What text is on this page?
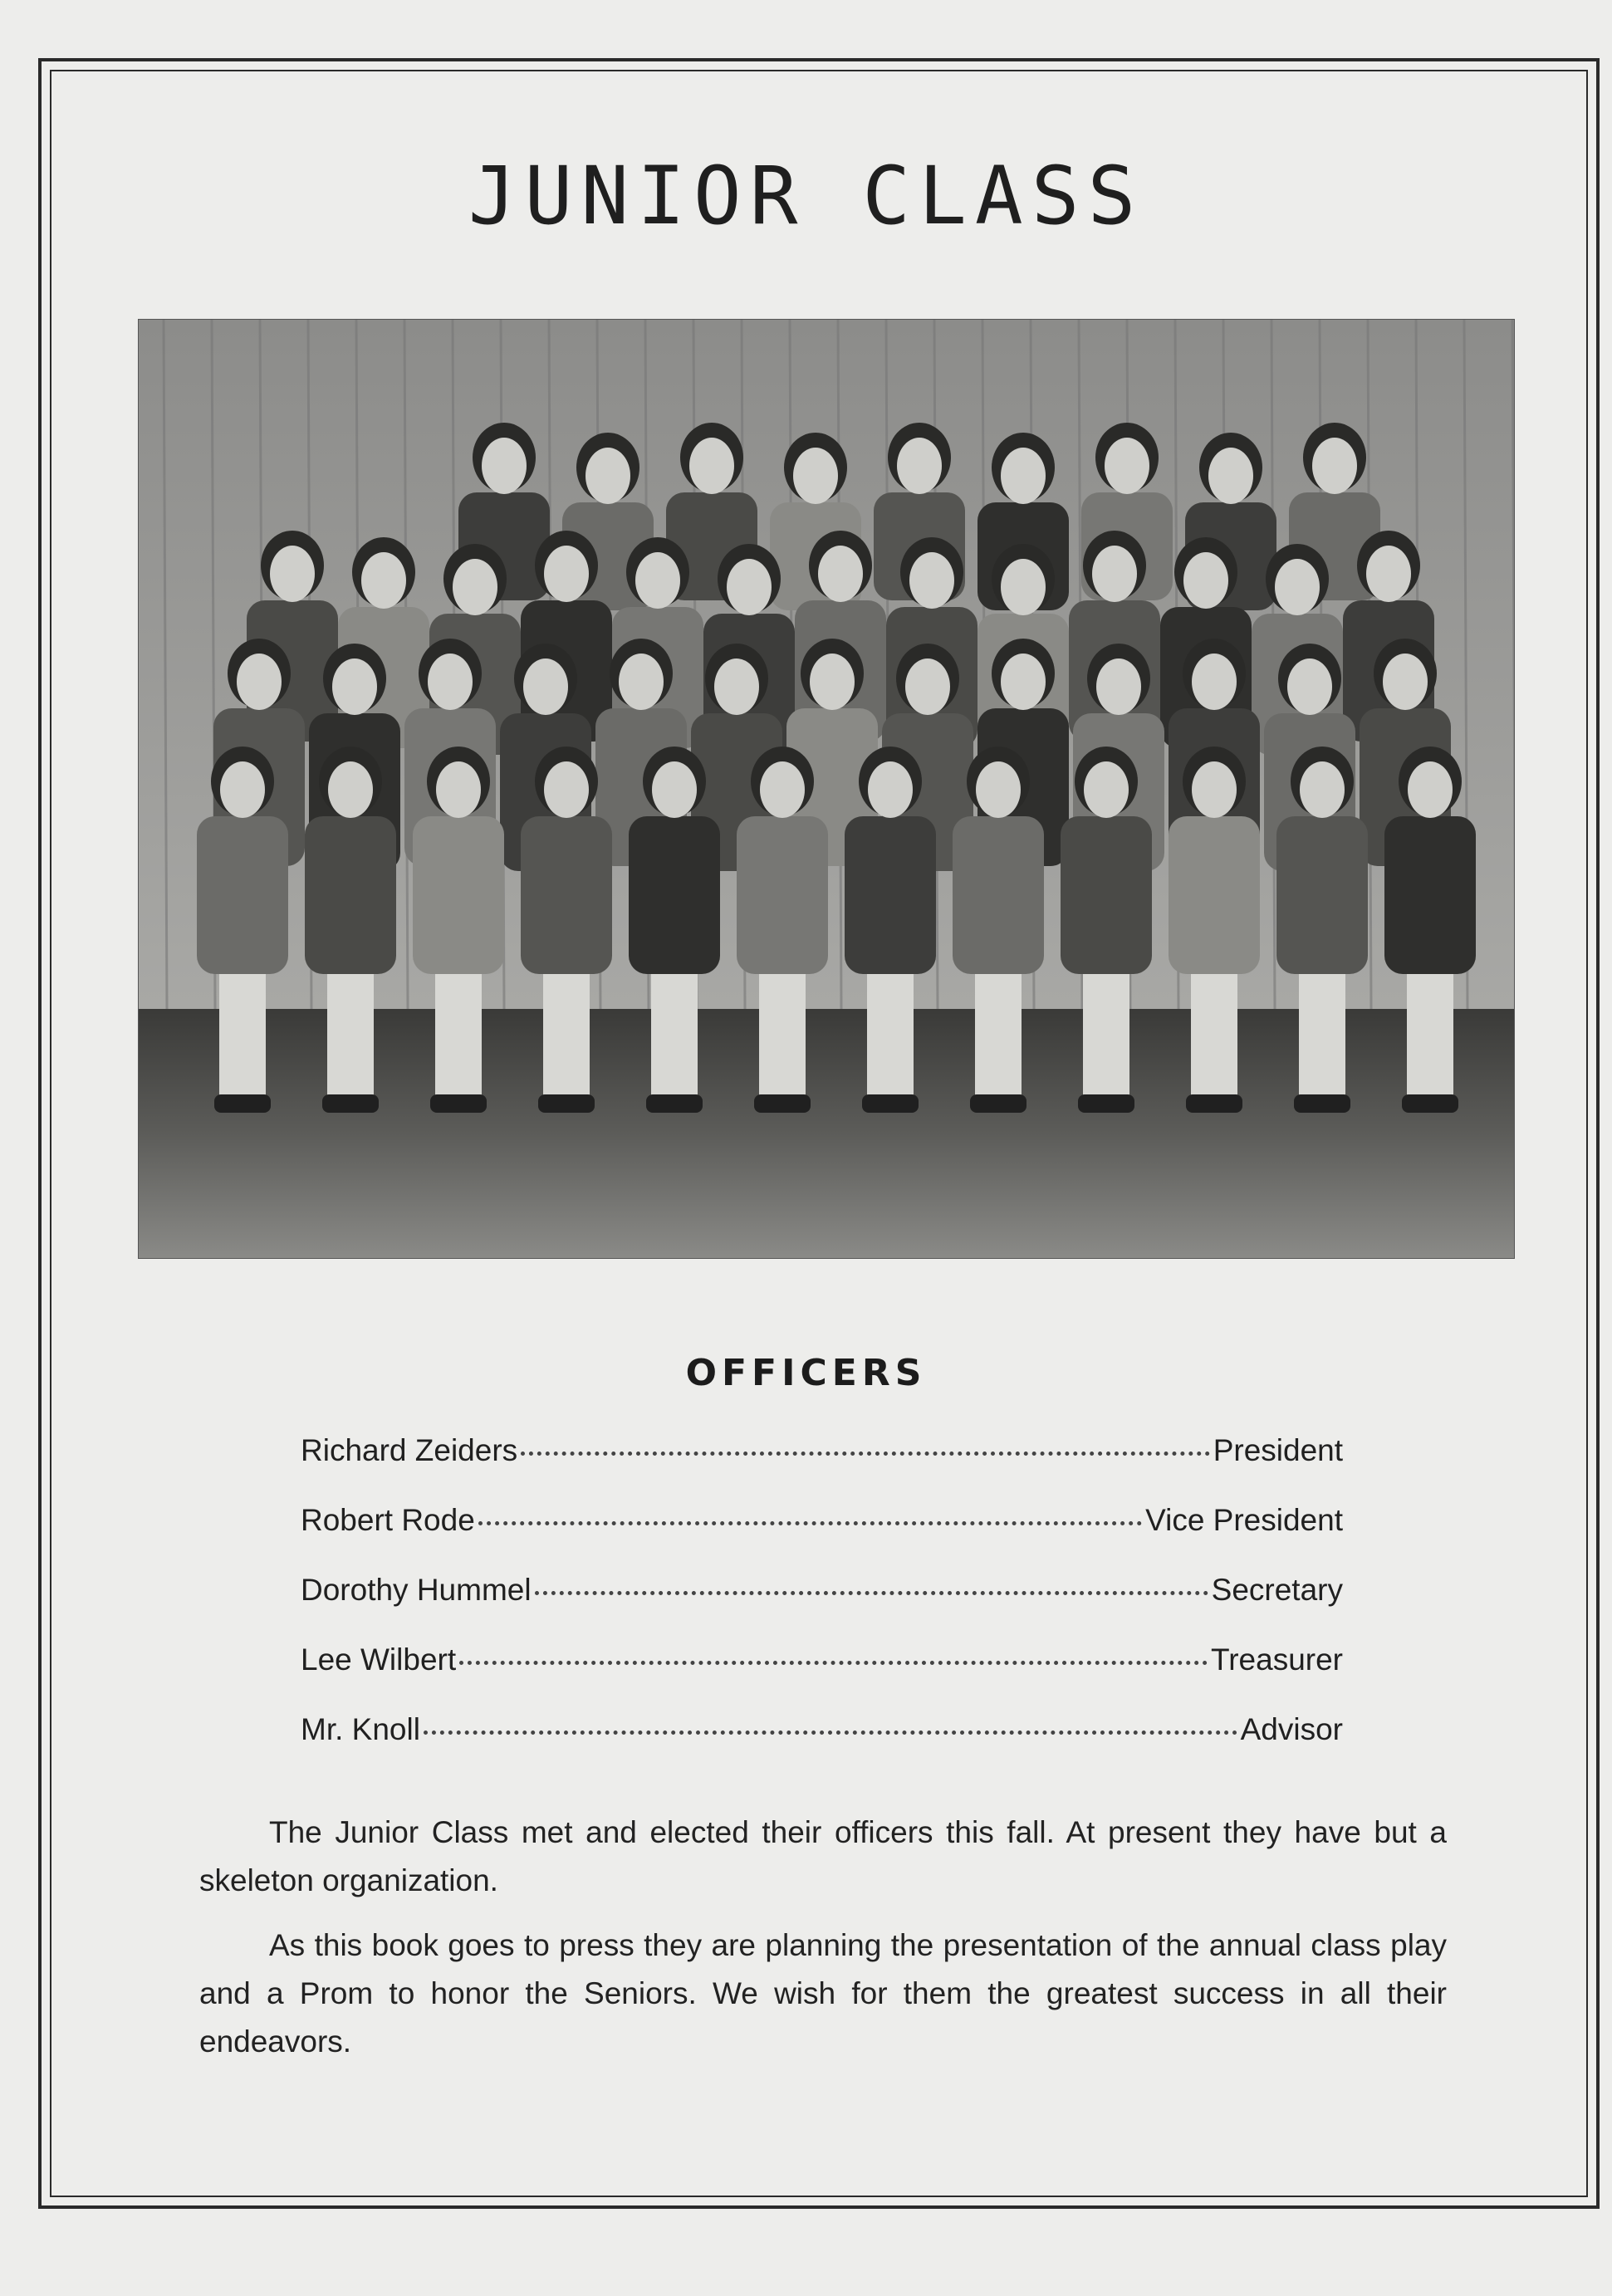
JUNIOR CLASS
OFFICERS
Richard Zeiders	President
Robert Rode	Vice President
Dorothy Hummel	Secretary
Lee Wilbert	Treasurer
Mr. Knoll	Advisor

The Junior Class met and elected their officers this fall. At present they have but a skeleton organization.

As this book goes to press they are planning the presentation of the annual class play and a Prom to honor the Seniors. We wish for them the greatest success in all their endeavors.
